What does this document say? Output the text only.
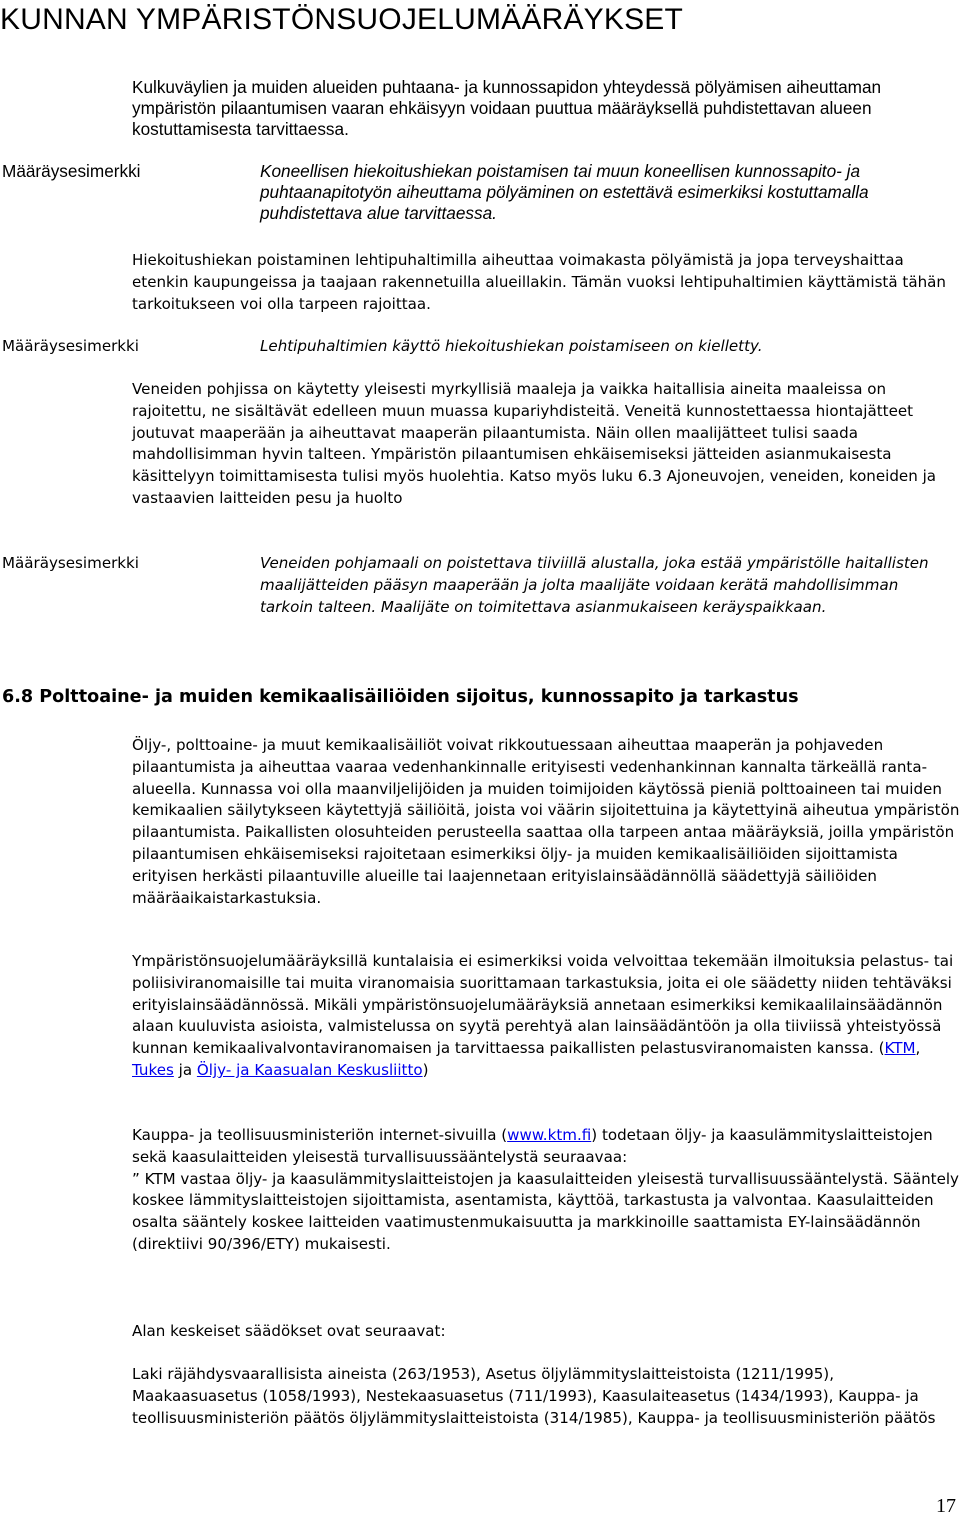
KUNNAN YMPÄRISTÖNSUOJELUMÄÄRÄYKSET
Kulkuväylien ja muiden alueiden puhtaana- ja kunnossapidon yhteydessä pölyämisen aiheuttaman ympäristön pilaantumisen vaaran ehkäisyyn voidaan puuttua määräyksellä puhdistettavan alueen kostuttamisesta tarvittaessa.
Määräysesimerkki	Koneellisen hiekoitushiekan poistamisen tai muun koneellisen kunnossapito- ja puhtaanapitotyön aiheuttama pölyäminen on estettävä esimerkiksi kostuttamalla puhdistettava alue tarvittaessa.
Hiekoitushiekan poistaminen lehtipuhaltimilla aiheuttaa voimakasta pölyämistä ja jopa terveyshaittaa etenkin kaupungeissa ja taajaan rakennetuilla alueillakin. Tämän vuoksi lehtipuhaltimien käyttämistä tähän tarkoitukseen voi olla tarpeen rajoittaa.
Määräysesimerkki	Lehtipuhaltimien käyttö hiekoitushiekan poistamiseen on kielletty.
Veneiden pohjissa on käytetty yleisesti myrkyllisiä maaleja ja vaikka haitallisia aineita maaleissa on rajoitettu, ne sisältävät edelleen muun muassa kupariyhdisteitä. Veneitä kunnostettaessa hiontajätteet joutuvat maaperään ja aiheuttavat maaperän pilaantumista. Näin ollen maalijätteet tulisi saada mahdollisimman hyvin talteen. Ympäristön pilaantumisen ehkäisemiseksi jätteiden asianmukaisesta käsittelyyn toimittamisesta tulisi myös huolehtia. Katso myös luku 6.3 Ajoneuvojen, veneiden, koneiden ja vastaavien laitteiden pesu ja huolto
Määräysesimerkki	Veneiden pohjamaali on poistettava tiiviillä alustalla, joka estää ympäristölle haitallisten maalijätteiden pääsyn maaperään ja jolta maalijäte voidaan kerätä mahdollisimman tarkoin talteen. Maalijäte on toimitettava asianmukaiseen keräyspaikkaan.
6.8 Polttoaine- ja muiden kemikaalisäiliöiden sijoitus, kunnossapito ja tarkastus
Öljy-, polttoaine- ja muut kemikaalisäiliöt voivat rikkoutuessaan aiheuttaa maaperän ja pohjaveden pilaantumista ja aiheuttaa vaaraa vedenhankinnalle erityisesti vedenhankinnan kannalta tärkeällä ranta-alueella. Kunnassa voi olla maanviljelijöiden ja muiden toimijoiden käytössä pieniä polttoaineen tai muiden kemikaalien säilytykseen käytettyjä säiliöitä, joista voi väärin sijoitettuina ja käytettyinä aiheutua ympäristön pilaantumista. Paikallisten olosuhteiden perusteella saattaa olla tarpeen antaa määräyksiä, joilla ympäristön pilaantumisen ehkäisemiseksi rajoitetaan esimerkiksi öljy- ja muiden kemikaalisäiliöiden sijoittamista erityisen herkästi pilaantuville alueille tai laajennetaan erityislainsäädännöllä säädettyjä säiliöiden määräaikaistarkastuksia.
Ympäristönsuojelumääräyksillä kuntalaisia ei esimerkiksi voida velvoittaa tekemään ilmoituksia pelastus- tai poliisiviranomaisille tai muita viranomaisia suorittamaan tarkastuksia, joita ei ole säädetty niiden tehtäväksi erityislainsäädännössä. Mikäli ympäristönsuojelumääräyksiä annetaan esimerkiksi kemikaalilainsäädännön alaan kuuluvista asioista, valmistelussa on syytä perehtyä alan lainsäädäntöön ja olla tiiviissä yhteistyössä kunnan kemikaalivalvontaviranomaisen ja tarvittaessa paikallisten pelastusviranomaisten kanssa. (KTM, Tukes ja Öljy- ja Kaasualan Keskusliitto)
Kauppa- ja teollisuusministeriön internet-sivuilla (www.ktm.fi) todetaan öljy- ja kaasulämmityslaitteistojen sekä kaasulaitteiden yleisestä turvallisuussääntelystä seuraavaa:
” KTM vastaa öljy- ja kaasulämmityslaitteistojen ja kaasulaitteiden yleisestä turvallisuussääntelystä. Sääntely koskee lämmityslaitteistojen sijoittamista, asentamista, käyttöä, tarkastusta ja valvontaa. Kaasulaitteiden osalta sääntely koskee laitteiden vaatimustenmukaisuutta ja markkinoille saattamista EY-lainsäädännön (direktiivi 90/396/ETY) mukaisesti.
Alan keskeiset säädökset ovat seuraavat:
Laki räjähdysvaarallisista aineista (263/1953), Asetus öljylämmityslaitteistoista (1211/1995), Maakaasuasetus (1058/1993), Nestekaasuasetus (711/1993), Kaasulaiteasetus (1434/1993), Kauppa- ja teollisuusministeriön päätös öljylämmityslaitteistoista (314/1985), Kauppa- ja teollisuusministeriön päätös
17
